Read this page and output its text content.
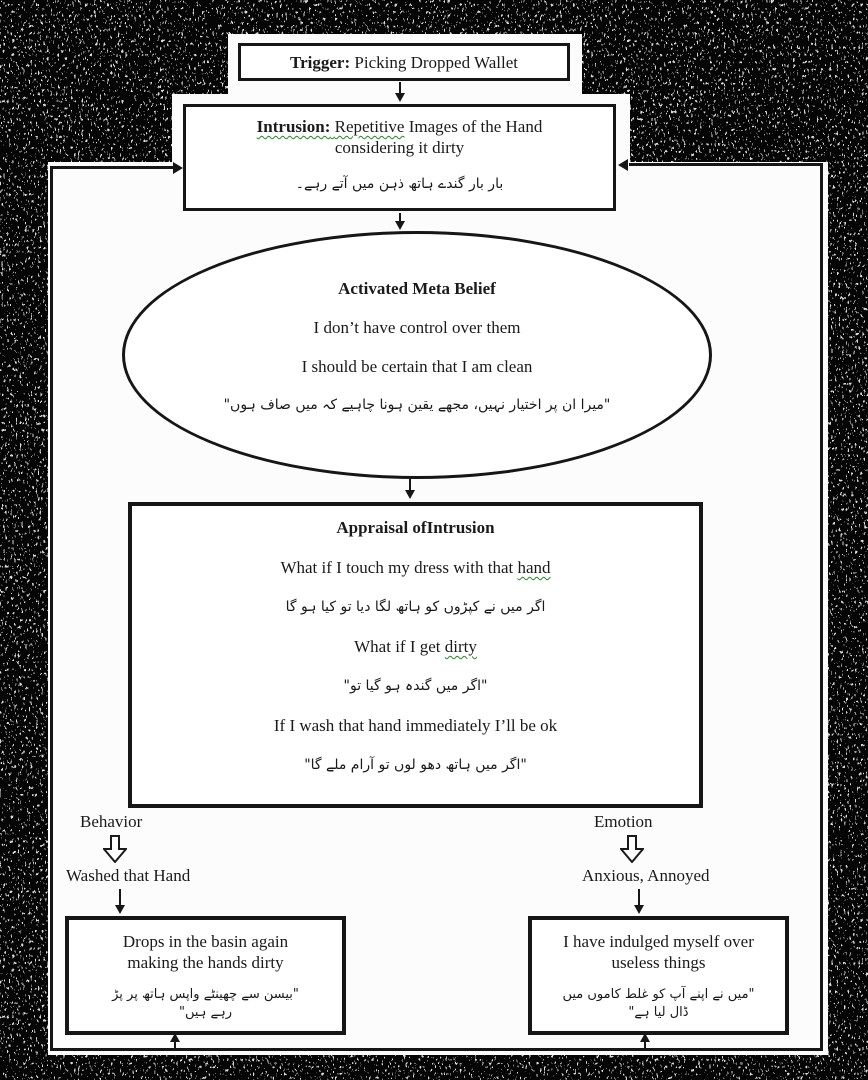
Trigger: Picking Dropped Wallet

Intrusion: Repetitive Images of the Hand

considering it dirty

بار بار گندے ہاتھ ذہن میں آتے رہے۔

Activated Meta Belief

I don’t have control over them

I should be certain that I am clean

"میرا ان پر اختیار نہیں، مجھے یقین ہونا چاہیے کہ میں صاف ہوں"

Appraisal ofIntrusion

What if I touch my dress with that hand

اگر میں نے کپڑوں کو ہاتھ لگا دیا تو کیا ہو گا

What if I get dirty

"اگر میں گندہ ہو گیا تو"

If I wash that hand immediately I’ll be ok

"اگر میں ہاتھ دھو لوں تو آرام ملے گا"

Behavior
Washed that Hand

Drops in the basin again

making the hands dirty

"بیسن سے چھینٹے واپس ہاتھ پر پڑ رہے ہیں"

Emotion
Anxious, Annoyed

I have indulged myself over

useless things

"میں نے اپنے آپ کو غلط کاموں میں ڈال لیا ہے"
